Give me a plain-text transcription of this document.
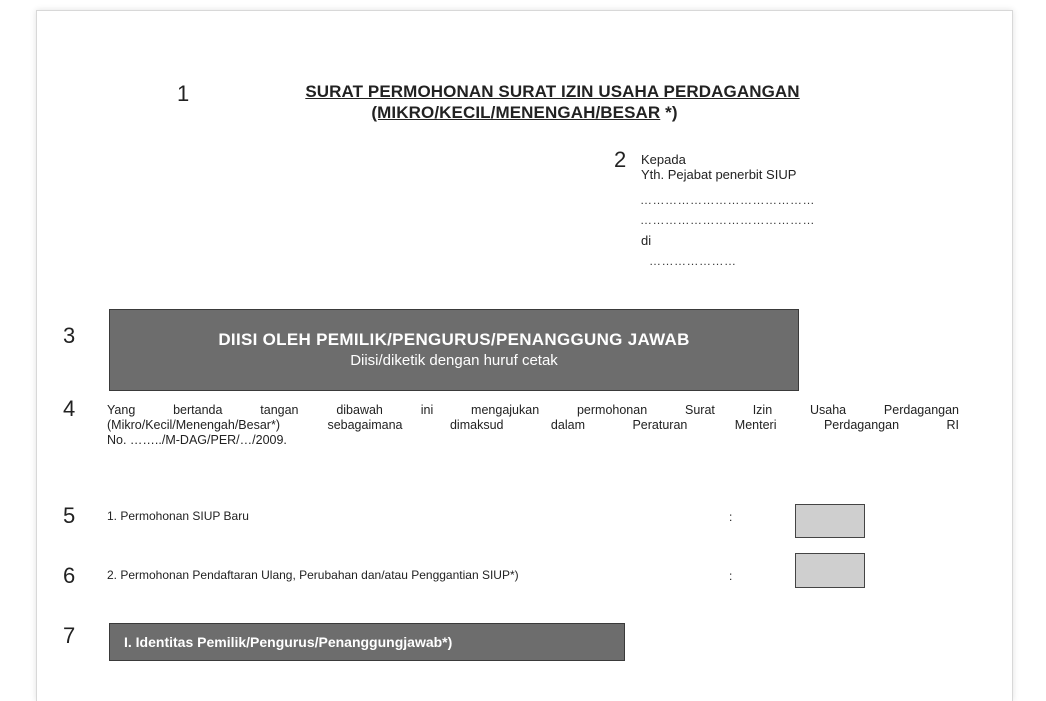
1	SURAT PERMOHONAN SURAT IZIN USAHA PERDAGANGAN
(MIKRO/KECIL/MENENGAH/BESAR *)
2 Kepada
Yth. Pejabat penerbit SIUP
……………………………………
……………………………………
di
…………………
3	DIISI OLEH PEMILIK/PENGURUS/PENANGGUNG JAWAB
Diisi/diketik dengan huruf cetak
4	Yang bertanda tangan dibawah ini mengajukan permohonan Surat Izin Usaha Perdagangan
(Mikro/Kecil/Menengah/Besar*) sebagaimana dimaksud dalam Peraturan Menteri Perdagangan RI
No. ……../M-DAG/PER/…/2009.
5	1. Permohonan SIUP Baru	:
6	2. Permohonan Pendaftaran Ulang, Perubahan dan/atau Penggantian SIUP*)	:
7	I. Identitas Pemilik/Pengurus/Penanggungjawab*)
